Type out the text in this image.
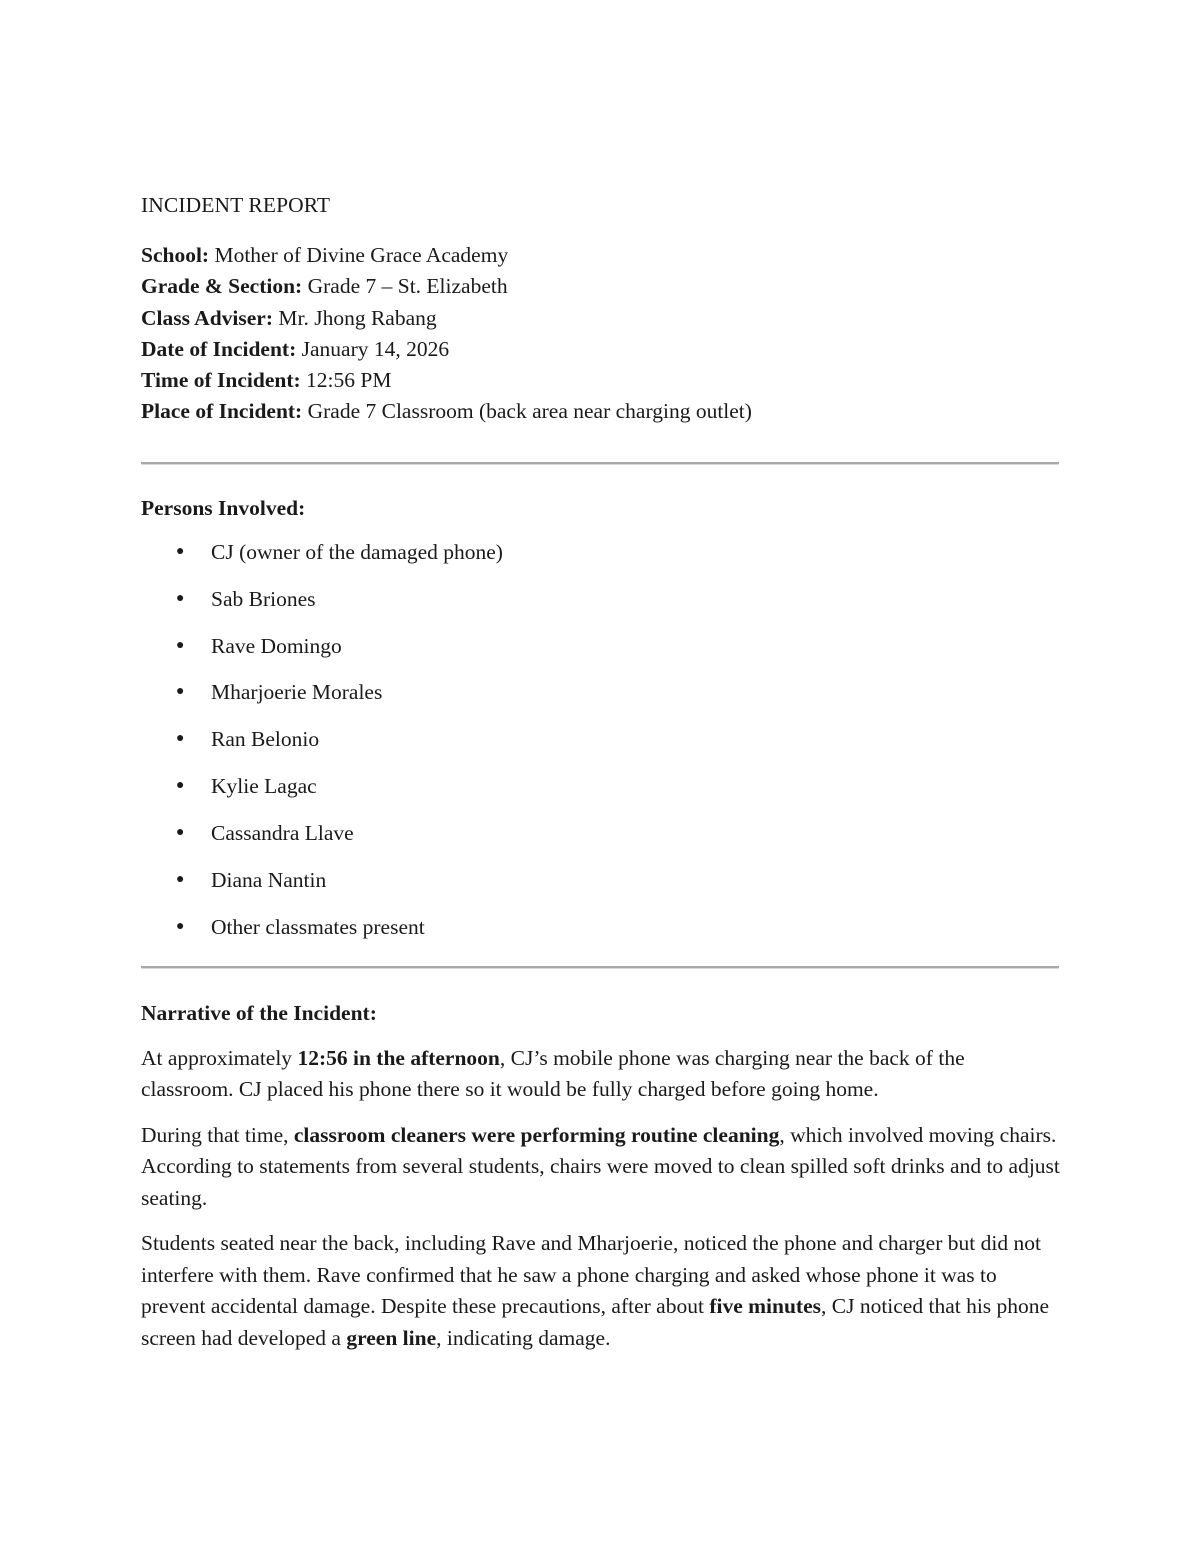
INCIDENT REPORT

School: Mother of Divine Grace Academy

Grade & Section: Grade 7 – St. Elizabeth

Class Adviser: Mr. Jhong Rabang

Date of Incident: January 14, 2026

Time of Incident: 12:56 PM

Place of Incident: Grade 7 Classroom (back area near charging outlet)

Persons Involved:
● CJ (owner of the damaged phone)
● Sab Briones
● Rave Domingo
● Mharjoerie Morales
● Ran Belonio
● Kylie Lagac
● Cassandra Llave
● Diana Nantin
● Other classmates present
Narrative of the Incident:

At approximately 12:56 in the afternoon, CJ’s mobile phone was charging near the back of the classroom. CJ placed his phone there so it would be fully charged before going home.

During that time, classroom cleaners were performing routine cleaning, which involved moving chairs. According to statements from several students, chairs were moved to clean spilled soft drinks and to adjust seating.

Students seated near the back, including Rave and Mharjoerie, noticed the phone and charger but did not interfere with them. Rave confirmed that he saw a phone charging and asked whose phone it was to prevent accidental damage. Despite these precautions, after about five minutes, CJ noticed that his phone screen had developed a green line, indicating damage.
